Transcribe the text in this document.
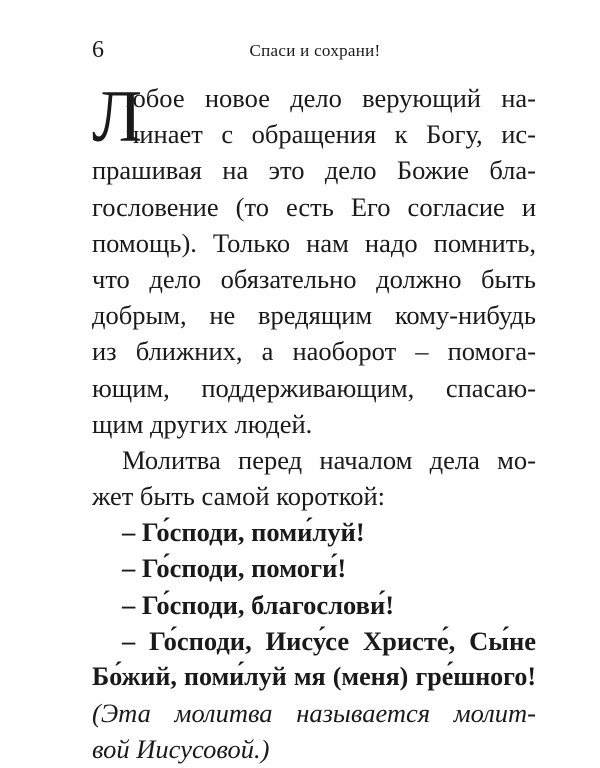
6	Спаси и сохрани!
Л
юбое новое дело верующий на-
чинает с обращения к Богу, ис-
прашивая на это дело Божие бла-
гословение (то есть Его согласие и
помощь). Только нам надо помнить,
что дело обязательно должно быть
добрым, не вредящим кому-нибудь
из ближних, а наоборот – помога-
ющим, поддерживающим, спасаю-
щим других людей.
Молитва перед началом дела мо-
жет быть самой короткой:
– Го́споди, поми́луй!
– Го́споди, помоги́!
– Го́споди, благослови́!
– Го́споди, Иису́се Христе́, Сы́не
Бо́жий, поми́луй мя (меня) гре́шного!
(Эта молитва называется молит-
вой Иисусовой.)
